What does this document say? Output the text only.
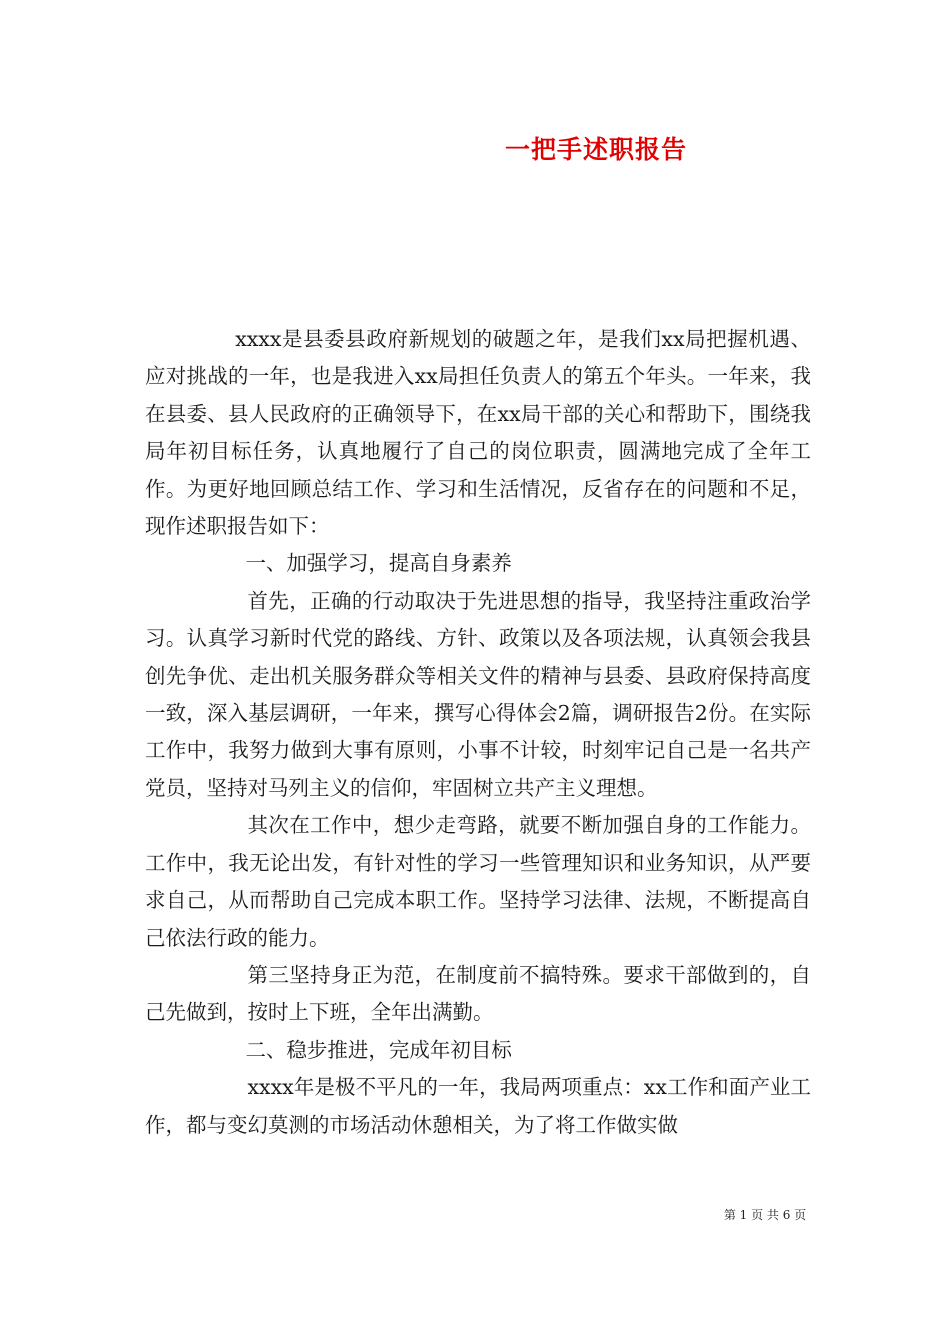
一把手述职报告

xxxx是县委县政府新规划的破题之年，是我们xx局把握机遇、应对挑战的一年，也是我进入xx局担任负责人的第五个年头。一年来，我在县委、县人民政府的正确领导下，在xx局干部的关心和帮助下，围绕我局年初目标任务，认真地履行了自己的岗位职责，圆满地完成了全年工作。为更好地回顾总结工作、学习和生活情况，反省存在的问题和不足，现作述职报告如下：

一、加强学习，提高自身素养

首先，正确的行动取决于先进思想的指导，我坚持注重政治学习。认真学习新时代党的路线、方针、政策以及各项法规，认真领会我县创先争优、走出机关服务群众等相关文件的精神与县委、县政府保持高度一致，深入基层调研，一年来，撰写心得体会2篇，调研报告2份。在实际工作中，我努力做到大事有原则，小事不计较，时刻牢记自己是一名共产党员，坚持对马列主义的信仰，牢固树立共产主义理想。

其次在工作中，想少走弯路，就要不断加强自身的工作能力。工作中，我无论出发，有针对性的学习一些管理知识和业务知识，从严要求自己，从而帮助自己完成本职工作。坚持学习法律、法规，不断提高自己依法行政的能力。

第三坚持身正为范，在制度前不搞特殊。要求干部做到的，自己先做到，按时上下班，全年出满勤。

二、稳步推进，完成年初目标

xxxx年是极不平凡的一年，我局两项重点：xx工作和面产业工作，都与变幻莫测的市场活动休憩相关，为了将工作做实做

第 1 页 共 6 页
